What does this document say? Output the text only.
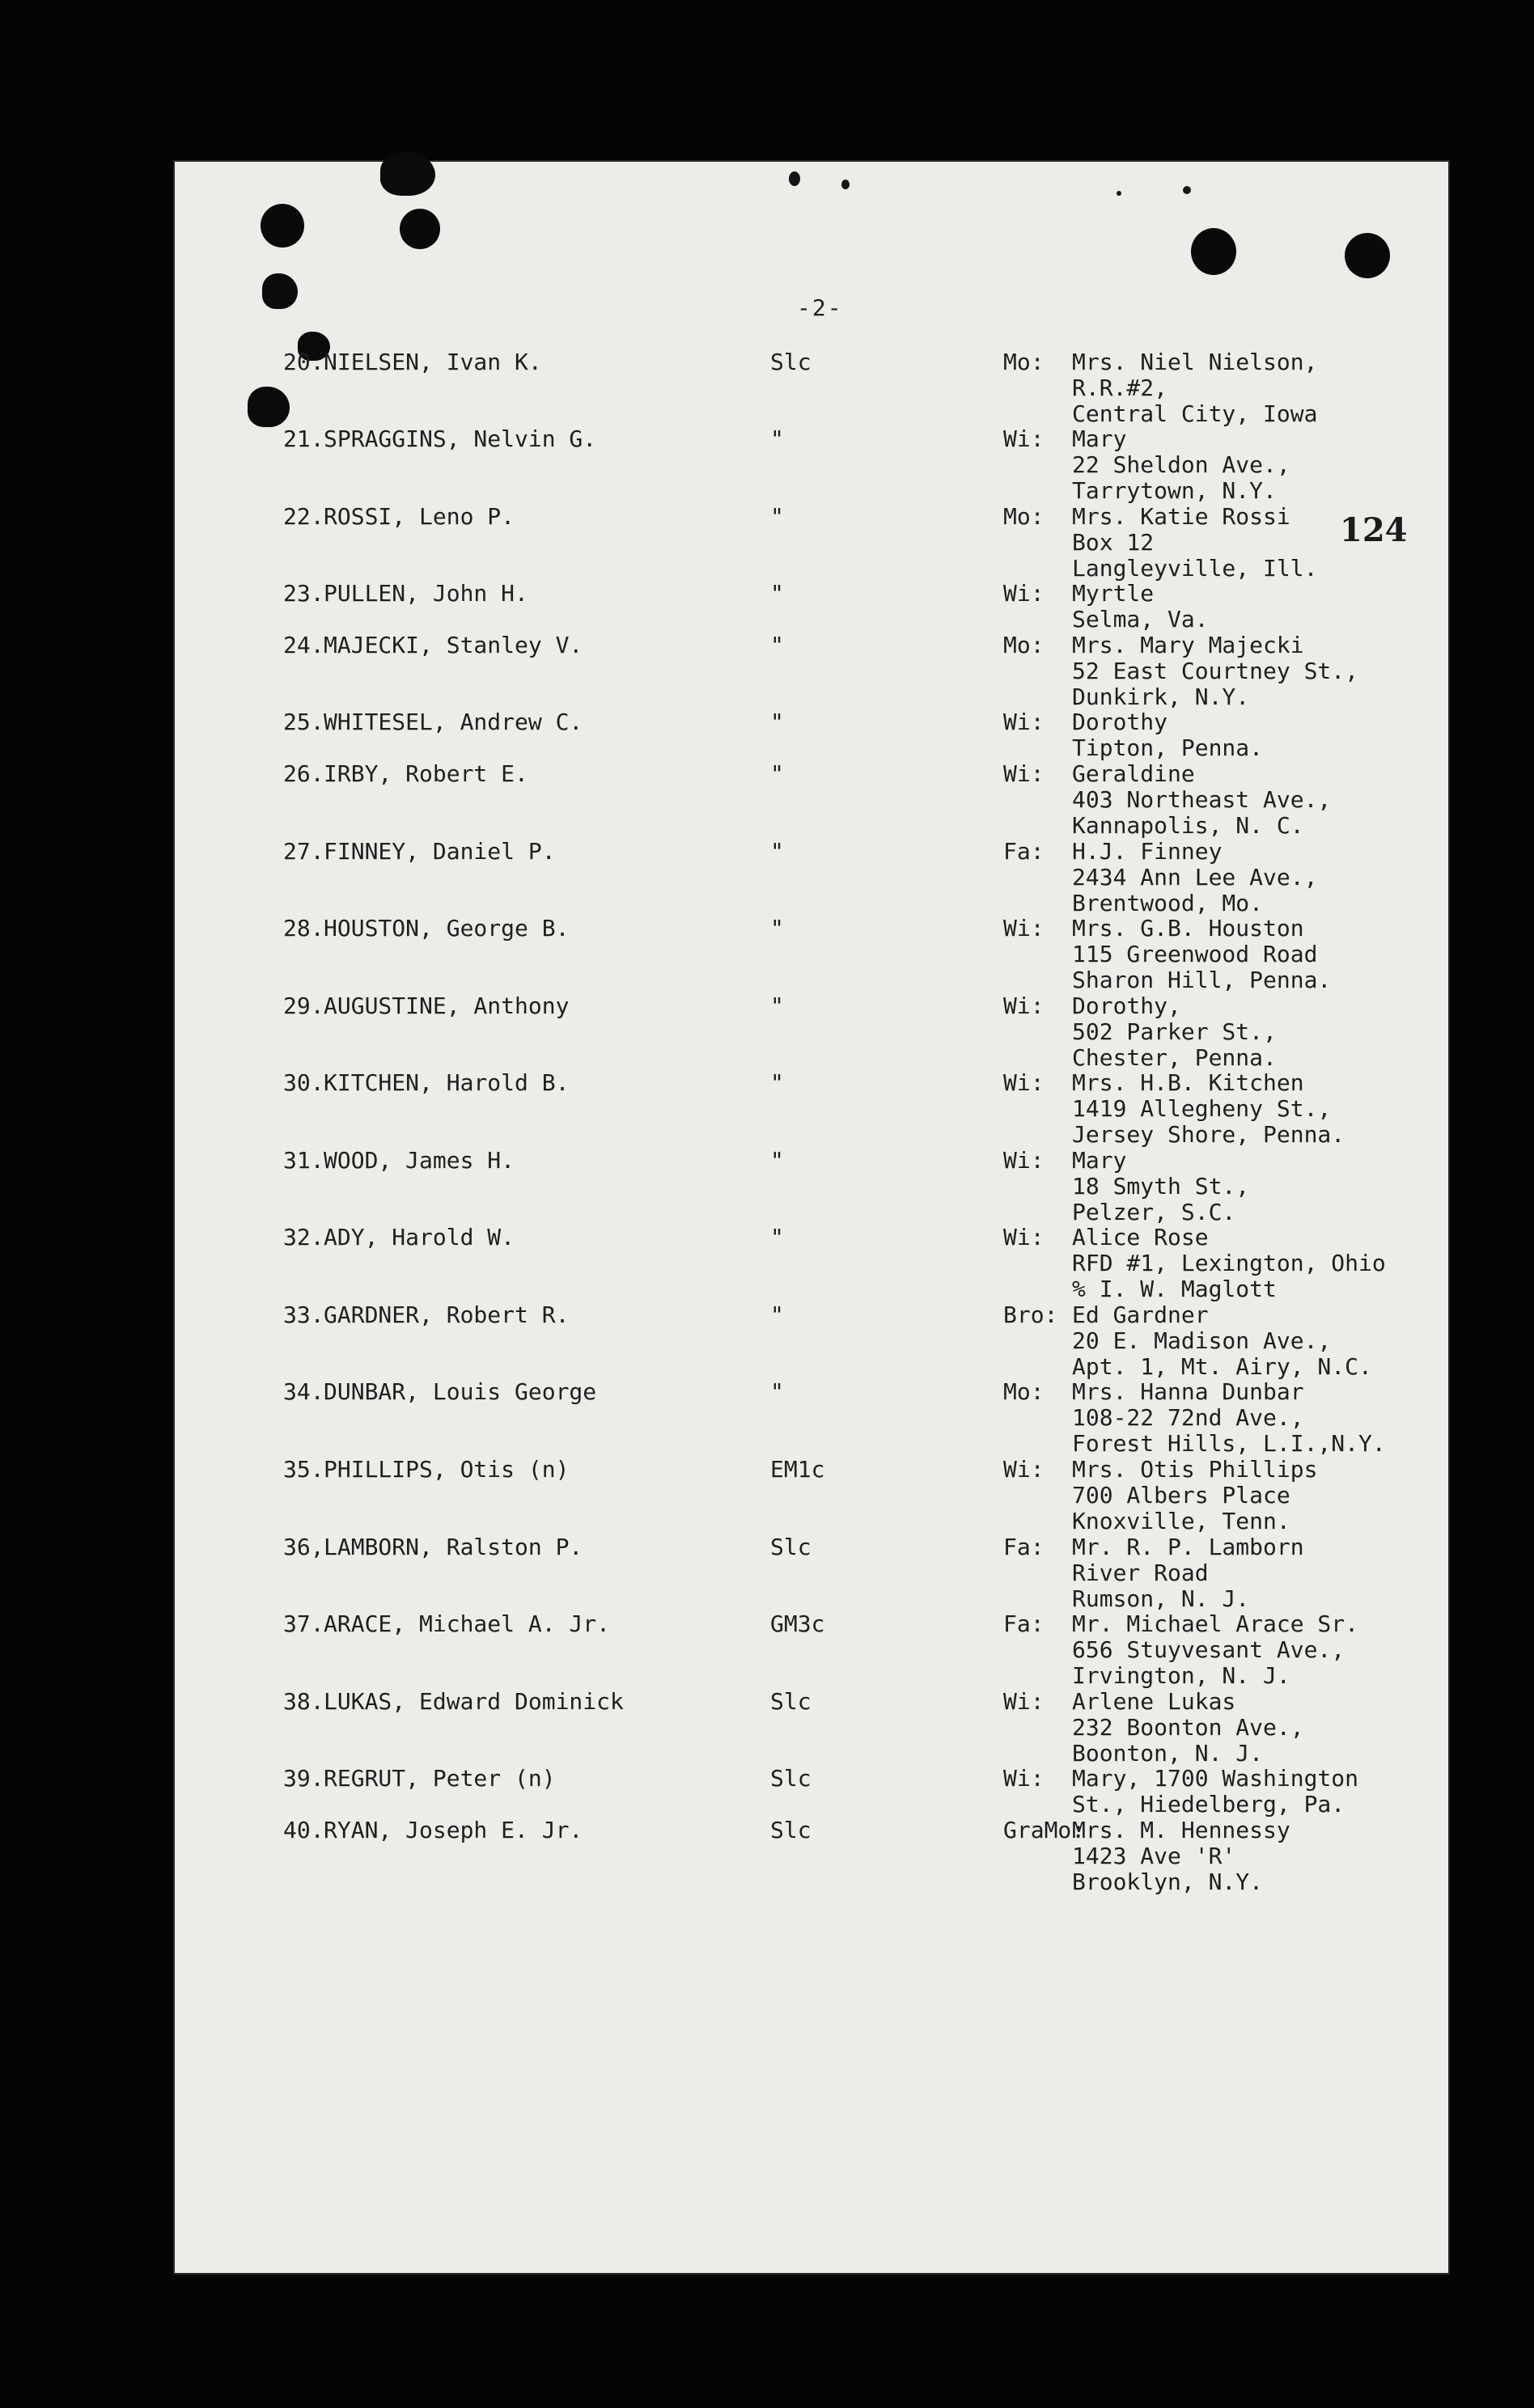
-2-
124
20. NIELSEN, Ivan K.	Slc	Mo: Mrs. Niel Nielson,
R.R.#2,
Central City, Iowa
21. SPRAGGINS, Nelvin G.	"	Wi: Mary
22 Sheldon Ave.,
Tarrytown, N.Y.
22. ROSSI, Leno P.	"	Mo: Mrs. Katie Rossi
Box 12
Langleyville, Ill.
23. PULLEN, John H.	"	Wi: Myrtle
Selma, Va.
24. MAJECKI, Stanley V.	"	Mo: Mrs. Mary Majecki
52 East Courtney St.,
Dunkirk, N.Y.
25. WHITESEL, Andrew C.	"	Wi: Dorothy
Tipton, Penna.
26. IRBY, Robert E.	"	Wi: Geraldine
403 Northeast Ave.,
Kannapolis, N. C.
27. FINNEY, Daniel P.	"	Fa: H.J. Finney
2434 Ann Lee Ave.,
Brentwood, Mo.
28. HOUSTON, George B.	"	Wi: Mrs. G.B. Houston
115 Greenwood Road
Sharon Hill, Penna.
29. AUGUSTINE, Anthony	"	Wi: Dorothy,
502 Parker St.,
Chester, Penna.
30. KITCHEN, Harold B.	"	Wi: Mrs. H.B. Kitchen
1419 Allegheny St.,
Jersey Shore, Penna.
31. WOOD, James H.	"	Wi: Mary
18 Smyth St.,
Pelzer, S.C.
32. ADY, Harold W.	"	Wi: Alice Rose
RFD #1, Lexington, Ohio
% I. W. Maglott
33. GARDNER, Robert R.	"	Bro: Ed Gardner
20 E. Madison Ave.,
Apt. 1, Mt. Airy, N.C.
34. DUNBAR, Louis George	"	Mo: Mrs. Hanna Dunbar
108-22 72nd Ave.,
Forest Hills, L.I.,N.Y.
35. PHILLIPS, Otis (n)	EM1c	Wi: Mrs. Otis Phillips
700 Albers Place
Knoxville, Tenn.
36, LAMBORN, Ralston P.	Slc	Fa: Mr. R. P. Lamborn
River Road
Rumson, N. J.
37. ARACE, Michael A. Jr.	GM3c	Fa: Mr. Michael Arace Sr.
656 Stuyvesant Ave.,
Irvington, N. J.
38. LUKAS, Edward Dominick	Slc	Wi: Arlene Lukas
232 Boonton Ave.,
Boonton, N. J.
39. REGRUT, Peter (n)	Slc	Wi: Mary, 1700 Washington
St., Hiedelberg, Pa.
40. RYAN, Joseph E. Jr.	Slc	GraMo:
Mrs. M. Hennessy
1423 Ave 'R'
Brooklyn, N.Y.
